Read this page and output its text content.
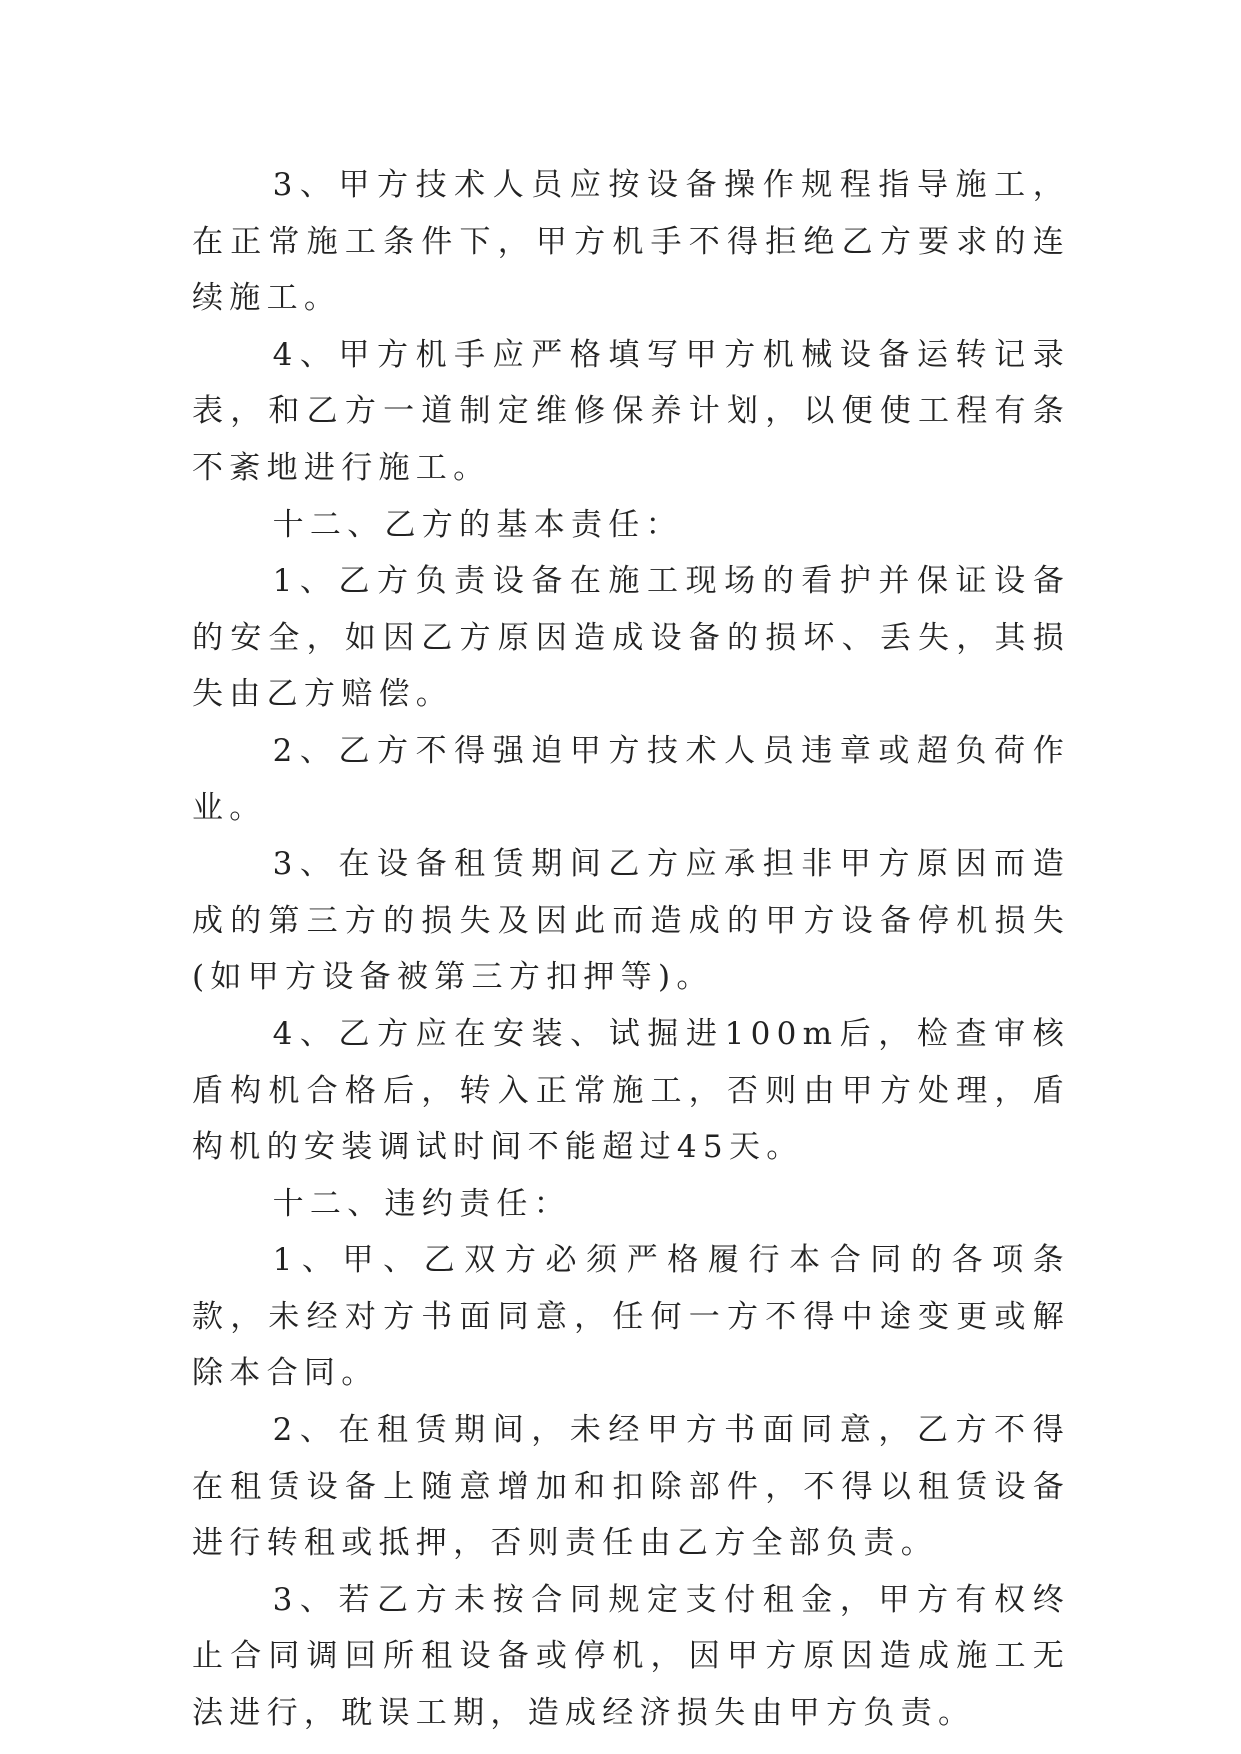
3、甲方技术人员应按设备操作规程指导施工，在正常施工条件下，甲方机手不得拒绝乙方要求的连续施工。

4、甲方机手应严格填写甲方机械设备运转记录表，和乙方一道制定维修保养计划，以便使工程有条不紊地进行施工。

十二、乙方的基本责任：

1、乙方负责设备在施工现场的看护并保证设备的安全，如因乙方原因造成设备的损坏、丢失，其损失由乙方赔偿。

2、乙方不得强迫甲方技术人员违章或超负荷作业。

3、在设备租赁期间乙方应承担非甲方原因而造成的第三方的损失及因此而造成的甲方设备停机损失(如甲方设备被第三方扣押等)。

4、乙方应在安装、试掘进100m后，检查审核盾构机合格后，转入正常施工，否则由甲方处理，盾构机的安装调试时间不能超过45天。

十二、违约责任：

1、甲、乙双方必须严格履行本合同的各项条款，未经对方书面同意，任何一方不得中途变更或解除本合同。

2、在租赁期间，未经甲方书面同意，乙方不得在租赁设备上随意增加和扣除部件，不得以租赁设备进行转租或抵押，否则责任由乙方全部负责。

3、若乙方未按合同规定支付租金，甲方有权终止合同调回所租设备或停机，因甲方原因造成施工无法进行，耽误工期，造成经济损失由甲方负责。
